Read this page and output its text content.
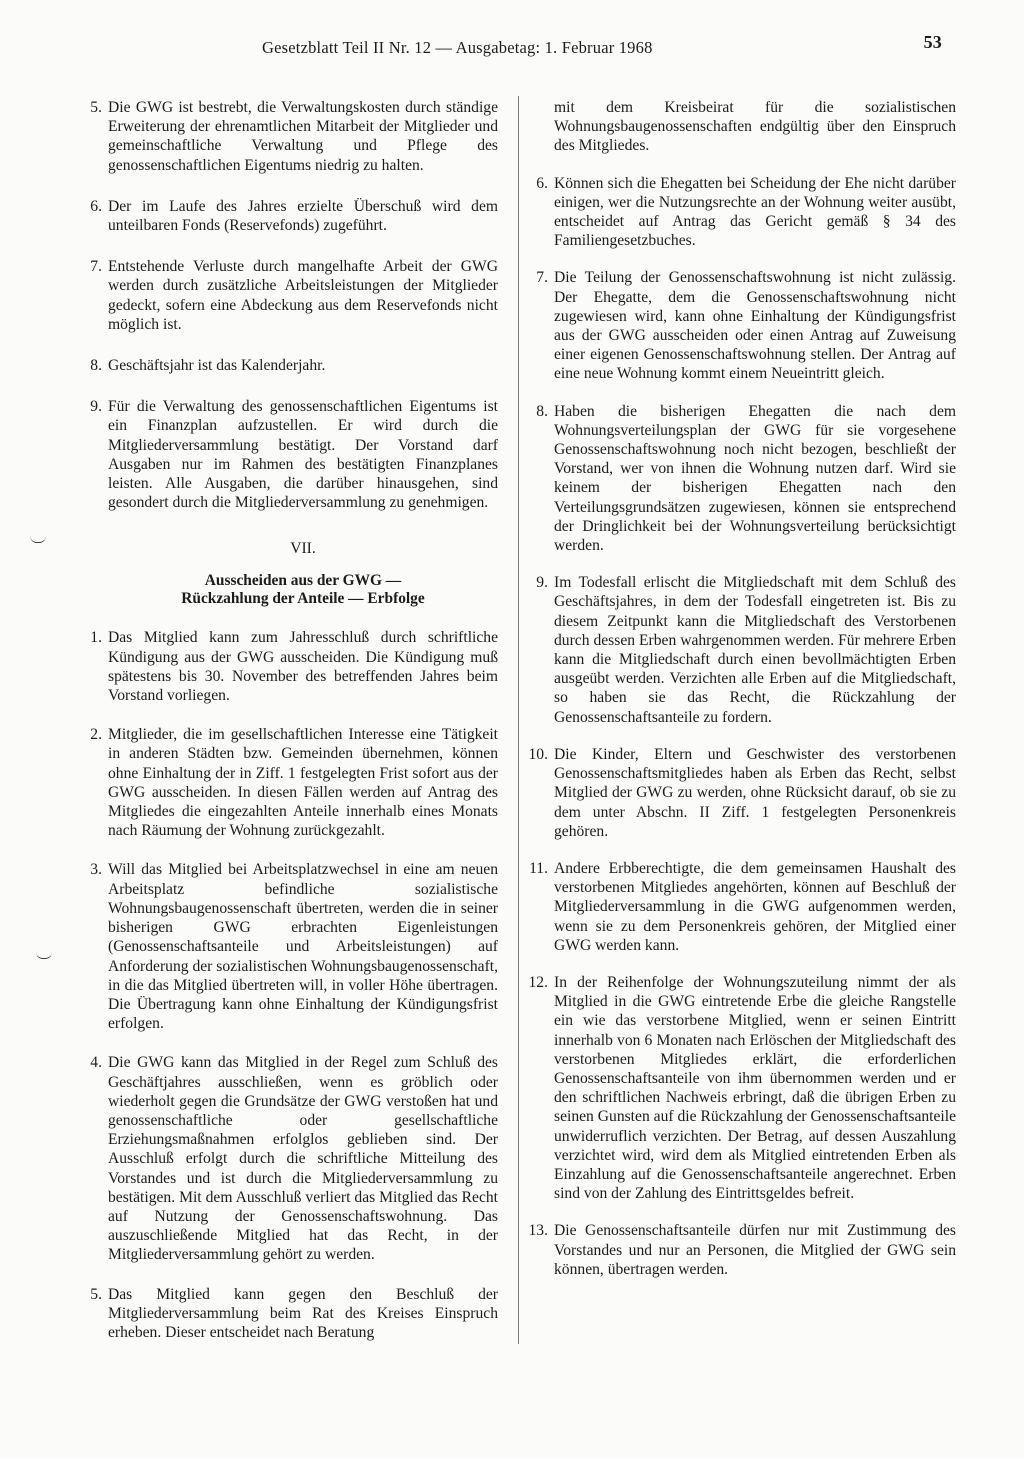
Gesetzblatt Teil II Nr. 12 — Ausgabetag: 1. Februar 1968	53
5. Die GWG ist bestrebt, die Verwaltungskosten durch ständige Erweiterung der ehrenamtlichen Mitarbeit der Mitglieder und gemeinschaftliche Verwaltung und Pflege des genossenschaftlichen Eigentums niedrig zu halten.
6. Der im Laufe des Jahres erzielte Überschuß wird dem unteilbaren Fonds (Reservefonds) zugeführt.
7. Entstehende Verluste durch mangelhafte Arbeit der GWG werden durch zusätzliche Arbeitsleistungen der Mitglieder gedeckt, sofern eine Abdeckung aus dem Reservefonds nicht möglich ist.
8. Geschäftsjahr ist das Kalenderjahr.
9. Für die Verwaltung des genossenschaftlichen Eigentums ist ein Finanzplan aufzustellen. Er wird durch die Mitgliederversammlung bestätigt. Der Vorstand darf Ausgaben nur im Rahmen des bestätigten Finanzplanes leisten. Alle Ausgaben, die darüber hinausgehen, sind gesondert durch die Mitgliederversammlung zu genehmigen.
VII.
Ausscheiden aus der GWG —
Rückzahlung der Anteile — Erbfolge
1. Das Mitglied kann zum Jahresschluß durch schriftliche Kündigung aus der GWG ausscheiden. Die Kündigung muß spätestens bis 30. November des betreffenden Jahres beim Vorstand vorliegen.
2. Mitglieder, die im gesellschaftlichen Interesse eine Tätigkeit in anderen Städten bzw. Gemeinden übernehmen, können ohne Einhaltung der in Ziff. 1 festgelegten Frist sofort aus der GWG ausscheiden. In diesen Fällen werden auf Antrag des Mitgliedes die eingezahlten Anteile innerhalb eines Monats nach Räumung der Wohnung zurückgezahlt.
3. Will das Mitglied bei Arbeitsplatzwechsel in eine am neuen Arbeitsplatz befindliche sozialistische Wohnungsbaugenossenschaft übertreten, werden die in seiner bisherigen GWG erbrachten Eigenleistungen (Genossenschaftsanteile und Arbeitsleistungen) auf Anforderung der sozialistischen Wohnungsbaugenossenschaft, in die das Mitglied übertreten will, in voller Höhe übertragen. Die Übertragung kann ohne Einhaltung der Kündigungsfrist erfolgen.
4. Die GWG kann das Mitglied in der Regel zum Schluß des Geschäftjahres ausschließen, wenn es gröblich oder wiederholt gegen die Grundsätze der GWG verstoßen hat und genossenschaftliche oder gesellschaftliche Erziehungsmaßnahmen erfolglos geblieben sind. Der Ausschluß erfolgt durch die schriftliche Mitteilung des Vorstandes und ist durch die Mitgliederversammlung zu bestätigen. Mit dem Ausschluß verliert das Mitglied das Recht auf Nutzung der Genossenschaftswohnung. Das auszuschließende Mitglied hat das Recht, in der Mitgliederversammlung gehört zu werden.
5. Das Mitglied kann gegen den Beschluß der Mitgliederversammlung beim Rat des Kreises Einspruch erheben. Dieser entscheidet nach Beratung
mit dem Kreisbeirat für die sozialistischen Wohnungsbaugenossenschaften endgültig über den Einspruch des Mitgliedes.
6. Können sich die Ehegatten bei Scheidung der Ehe nicht darüber einigen, wer die Nutzungsrechte an der Wohnung weiter ausübt, entscheidet auf Antrag das Gericht gemäß § 34 des Familiengesetzbuches.
7. Die Teilung der Genossenschaftswohnung ist nicht zulässig. Der Ehegatte, dem die Genossenschaftswohnung nicht zugewiesen wird, kann ohne Einhaltung der Kündigungsfrist aus der GWG ausscheiden oder einen Antrag auf Zuweisung einer eigenen Genossenschaftswohnung stellen. Der Antrag auf eine neue Wohnung kommt einem Neueintritt gleich.
8. Haben die bisherigen Ehegatten die nach dem Wohnungsverteilungsplan der GWG für sie vorgesehene Genossenschaftswohnung noch nicht bezogen, beschließt der Vorstand, wer von ihnen die Wohnung nutzen darf. Wird sie keinem der bisherigen Ehegatten nach den Verteilungsgrundsätzen zugewiesen, können sie entsprechend der Dringlichkeit bei der Wohnungsverteilung berücksichtigt werden.
9. Im Todesfall erlischt die Mitgliedschaft mit dem Schluß des Geschäftsjahres, in dem der Todesfall eingetreten ist. Bis zu diesem Zeitpunkt kann die Mitgliedschaft des Verstorbenen durch dessen Erben wahrgenommen werden. Für mehrere Erben kann die Mitgliedschaft durch einen bevollmächtigten Erben ausgeübt werden. Verzichten alle Erben auf die Mitgliedschaft, so haben sie das Recht, die Rückzahlung der Genossenschaftsanteile zu fordern.
10. Die Kinder, Eltern und Geschwister des verstorbenen Genossenschaftsmitgliedes haben als Erben das Recht, selbst Mitglied der GWG zu werden, ohne Rücksicht darauf, ob sie zu dem unter Abschn. II Ziff. 1 festgelegten Personenkreis gehören.
11. Andere Erbberechtigte, die dem gemeinsamen Haushalt des verstorbenen Mitgliedes angehörten, können auf Beschluß der Mitgliederversammlung in die GWG aufgenommen werden, wenn sie zu dem Personenkreis gehören, der Mitglied einer GWG werden kann.
12. In der Reihenfolge der Wohnungszuteilung nimmt der als Mitglied in die GWG eintretende Erbe die gleiche Rangstelle ein wie das verstorbene Mitglied, wenn er seinen Eintritt innerhalb von 6 Monaten nach Erlöschen der Mitgliedschaft des verstorbenen Mitgliedes erklärt, die erforderlichen Genossenschaftsanteile von ihm übernommen werden und er den schriftlichen Nachweis erbringt, daß die übrigen Erben zu seinen Gunsten auf die Rückzahlung der Genossenschaftsanteile unwiderruflich verzichten. Der Betrag, auf dessen Auszahlung verzichtet wird, wird dem als Mitglied eintretenden Erben als Einzahlung auf die Genossenschaftsanteile angerechnet. Erben sind von der Zahlung des Eintrittsgeldes befreit.
13. Die Genossenschaftsanteile dürfen nur mit Zustimmung des Vorstandes und nur an Personen, die Mitglied der GWG sein können, übertragen werden.
